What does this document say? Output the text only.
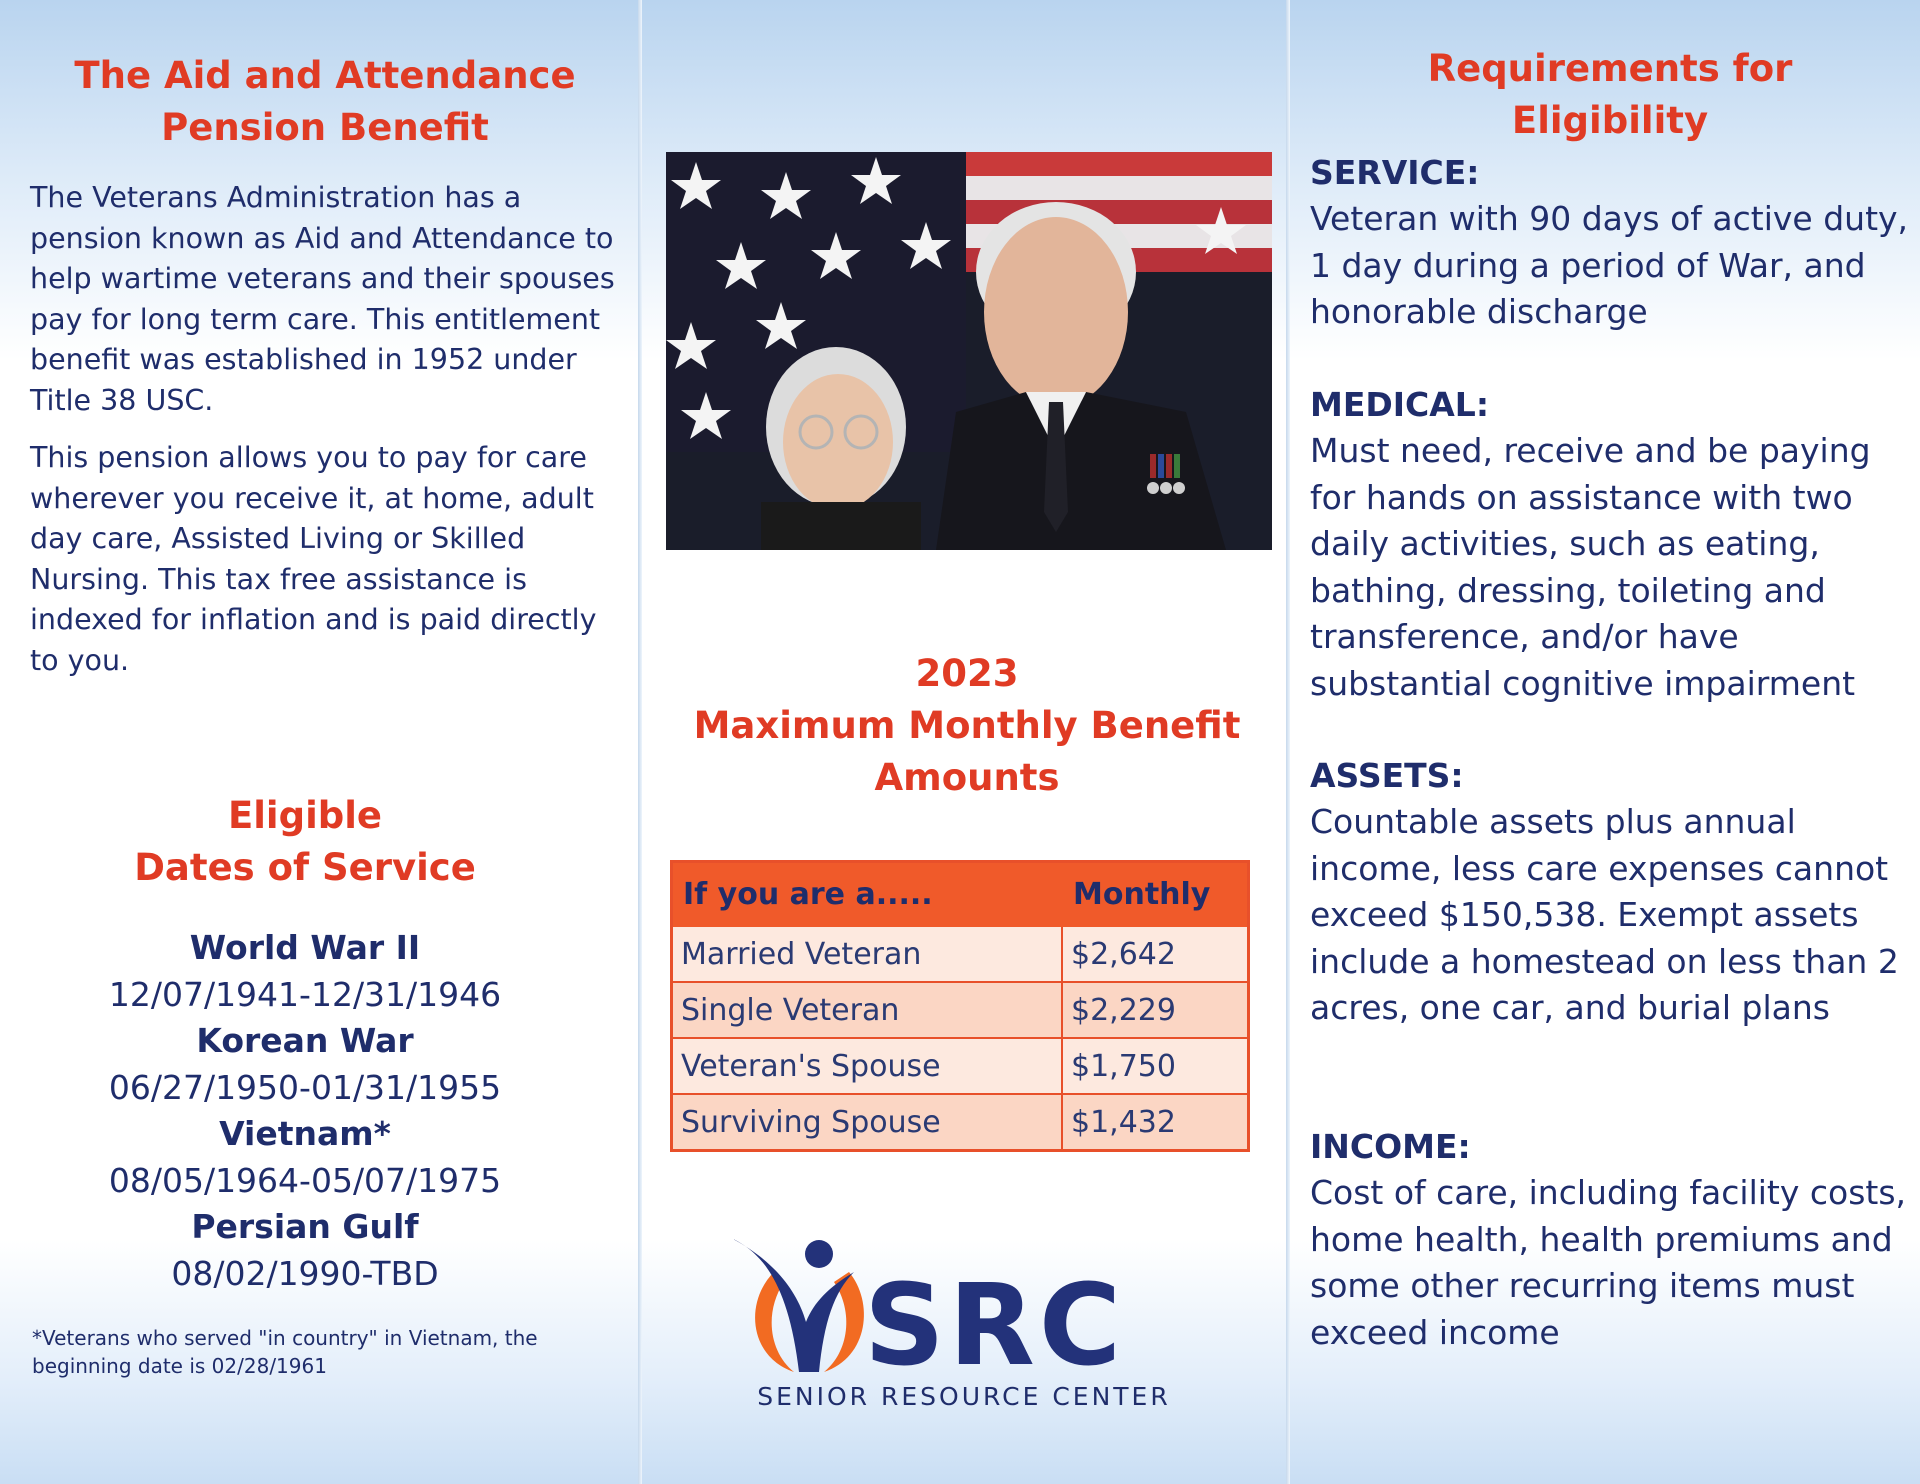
The Aid and Attendance
Pension Benefit

The Veterans Administration has a pension known as Aid and Attendance to help wartime veterans and their spouses pay for long term care. This entitlement benefit was established in 1952 under Title 38 USC.

This pension allows you to pay for care wherever you receive it, at home, adult day care, Assisted Living or Skilled Nursing. This tax free assistance is indexed for inflation and is paid directly to you.

Eligible
Dates of Service
World War II
12/07/1941-12/31/1946
Korean War
06/27/1950-01/31/1955
Vietnam*
08/05/1964-05/07/1975
Persian Gulf
08/02/1990-TBD
*Veterans who served "in country" in Vietnam, the beginning date is 02/28/1961
2023
Maximum Monthly Benefit
Amounts
If you are a.....	Monthly
Married Veteran	$2,642
Single Veteran	$2,229
Veteran's Spouse	$1,750
Surviving Spouse	$1,432
SRC
SENIOR RESOURCE CENTER
Requirements for
Eligibility
SERVICE:

Veteran with 90 days of active duty, 1 day during a period of War, and honorable discharge

MEDICAL:

Must need, receive and be paying for hands on assistance with two daily activities, such as eating, bathing, dressing, toileting and transference, and/or have substantial cognitive impairment

ASSETS:

Countable assets plus annual income, less care expenses cannot exceed $150,538. Exempt assets include a homestead on less than 2 acres, one car, and burial plans

INCOME:

Cost of care, including facility costs, home health, health premiums and some other recurring items must exceed income
